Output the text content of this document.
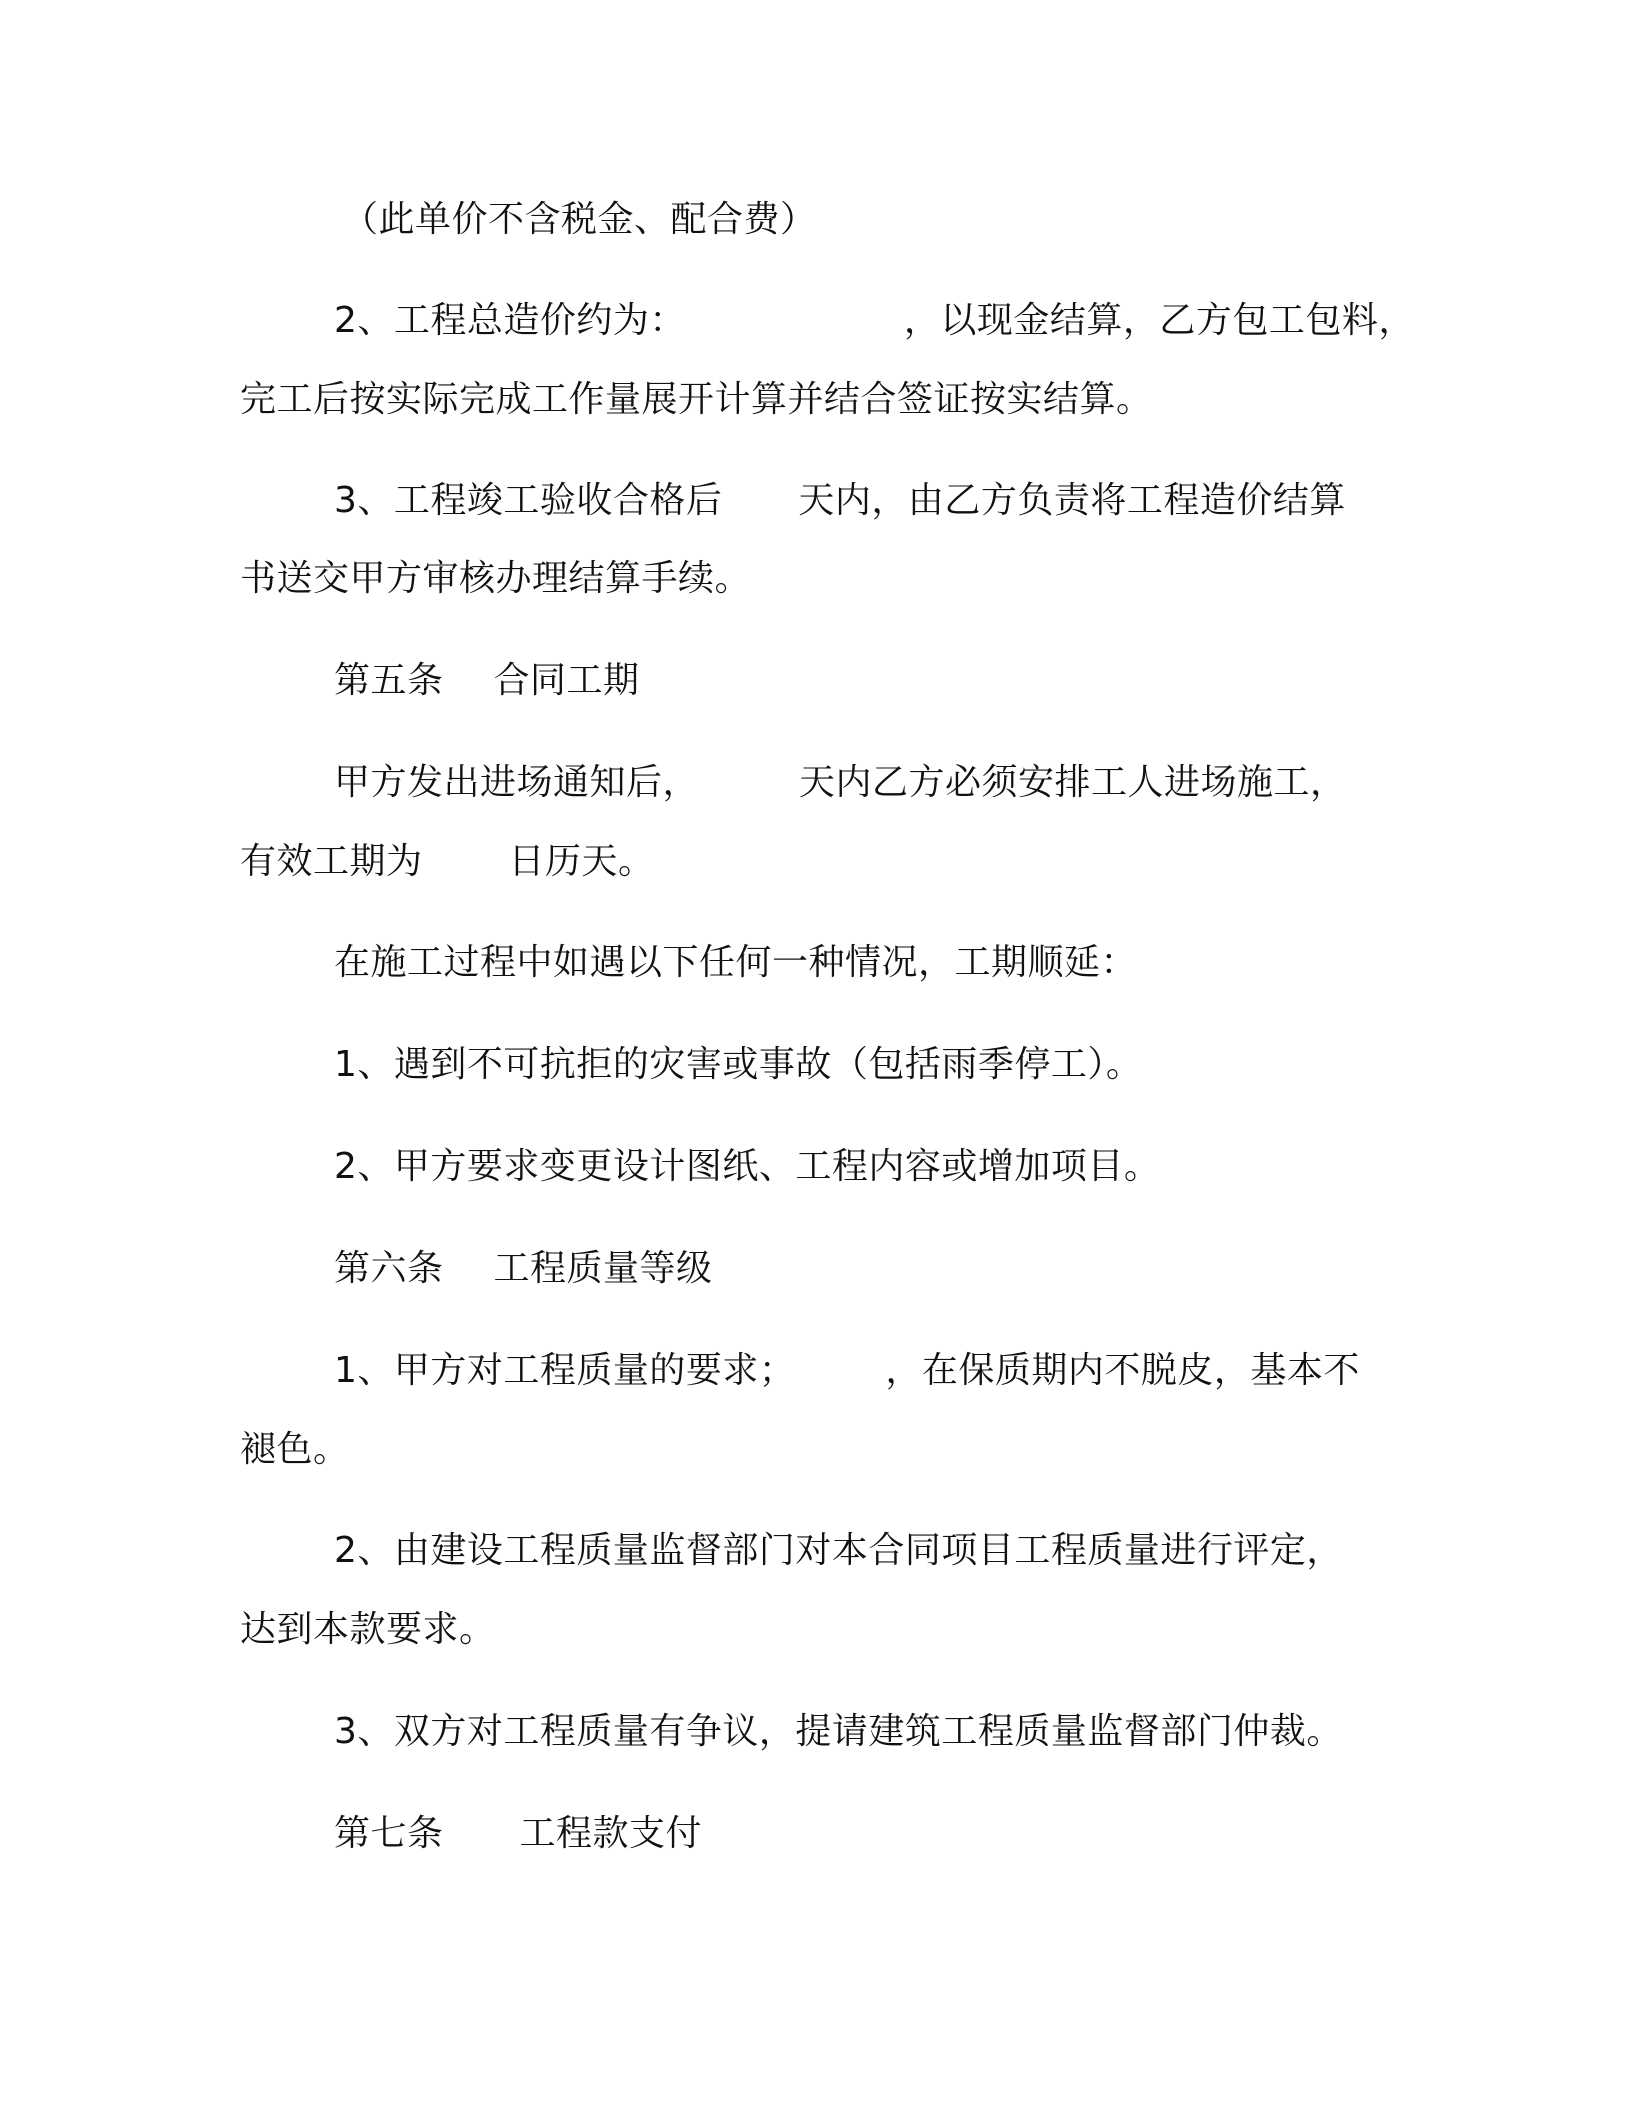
（此单价不含税金、配合费）
2、工程总造价约为：	，以现金结算，乙方包工包料，
完工后按实际完成工作量展开计算并结合签证按实结算。
3、工程竣工验收合格后 天内，由乙方负责将工程造价结算
书送交甲方审核办理结算手续。
第五条 合同工期
甲方发出进场通知后，	天内乙方必须安排工人进场施工，
有效工期为 日历天。
在施工过程中如遇以下任何一种情况，工期顺延：
1、遇到不可抗拒的灾害或事故（包括雨季停工）。
2、甲方要求变更设计图纸、工程内容或增加项目。
第六条 工程质量等级
1、甲方对工程质量的要求；	，在保质期内不脱皮，基本不
褪色。
2、由建设工程质量监督部门对本合同项目工程质量进行评定，
达到本款要求。
3、双方对工程质量有争议，提请建筑工程质量监督部门仲裁。
第七条 工程款支付
